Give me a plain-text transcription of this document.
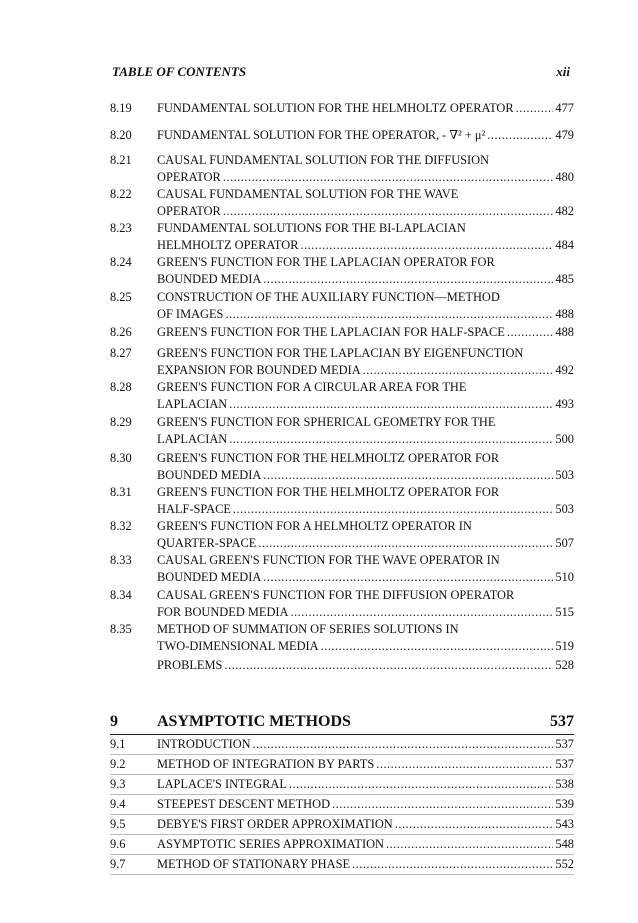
TABLE OF CONTENTS	xii
8.19	FUNDAMENTAL SOLUTION FOR THE HELMHOLTZ OPERATOR .....	477
8.20	FUNDAMENTAL SOLUTION FOR THE OPERATOR, - ∇² + μ² .....	479
8.21	CAUSAL FUNDAMENTAL SOLUTION FOR THE DIFFUSION
OPERATOR .....	480
8.22	CAUSAL FUNDAMENTAL SOLUTION FOR THE WAVE
OPERATOR .....	482
8.23	FUNDAMENTAL SOLUTIONS FOR THE BI-LAPLACIAN
HELMHOLTZ OPERATOR .....	484
8.24	GREEN'S FUNCTION FOR THE LAPLACIAN OPERATOR FOR
BOUNDED MEDIA .....	485
8.25	CONSTRUCTION OF THE AUXILIARY FUNCTION—METHOD
OF IMAGES .....	488
8.26	GREEN'S FUNCTION FOR THE LAPLACIAN FOR HALF-SPACE .....	488
8.27	GREEN'S FUNCTION FOR THE LAPLACIAN BY EIGENFUNCTION
EXPANSION FOR BOUNDED MEDIA .....	492
8.28	GREEN'S FUNCTION FOR A CIRCULAR AREA FOR THE
LAPLACIAN .....	493
8.29	GREEN'S FUNCTION FOR SPHERICAL GEOMETRY FOR THE
LAPLACIAN .....	500
8.30	GREEN'S FUNCTION FOR THE HELMHOLTZ OPERATOR FOR
BOUNDED MEDIA .....	503
8.31	GREEN'S FUNCTION FOR THE HELMHOLTZ OPERATOR FOR
HALF-SPACE .....	503
8.32	GREEN'S FUNCTION FOR A HELMHOLTZ OPERATOR IN
QUARTER-SPACE .....	507
8.33	CAUSAL GREEN'S FUNCTION FOR THE WAVE OPERATOR IN
BOUNDED MEDIA .....	510
8.34	CAUSAL GREEN'S FUNCTION FOR THE DIFFUSION OPERATOR
FOR BOUNDED MEDIA .....	515
8.35	METHOD OF SUMMATION OF SERIES SOLUTIONS IN
TWO-DIMENSIONAL MEDIA .....	519
PROBLEMS .....	528
9 ASYMPTOTIC METHODS	537
9.1	INTRODUCTION .....	537
9.2	METHOD OF INTEGRATION BY PARTS .....	537
9.3	LAPLACE'S INTEGRAL .....	538
9.4	STEEPEST DESCENT METHOD .....	539
9.5	DEBYE'S FIRST ORDER APPROXIMATION .....	543
9.6	ASYMPTOTIC SERIES APPROXIMATION .....	548
9.7	METHOD OF STATIONARY PHASE .....	552
